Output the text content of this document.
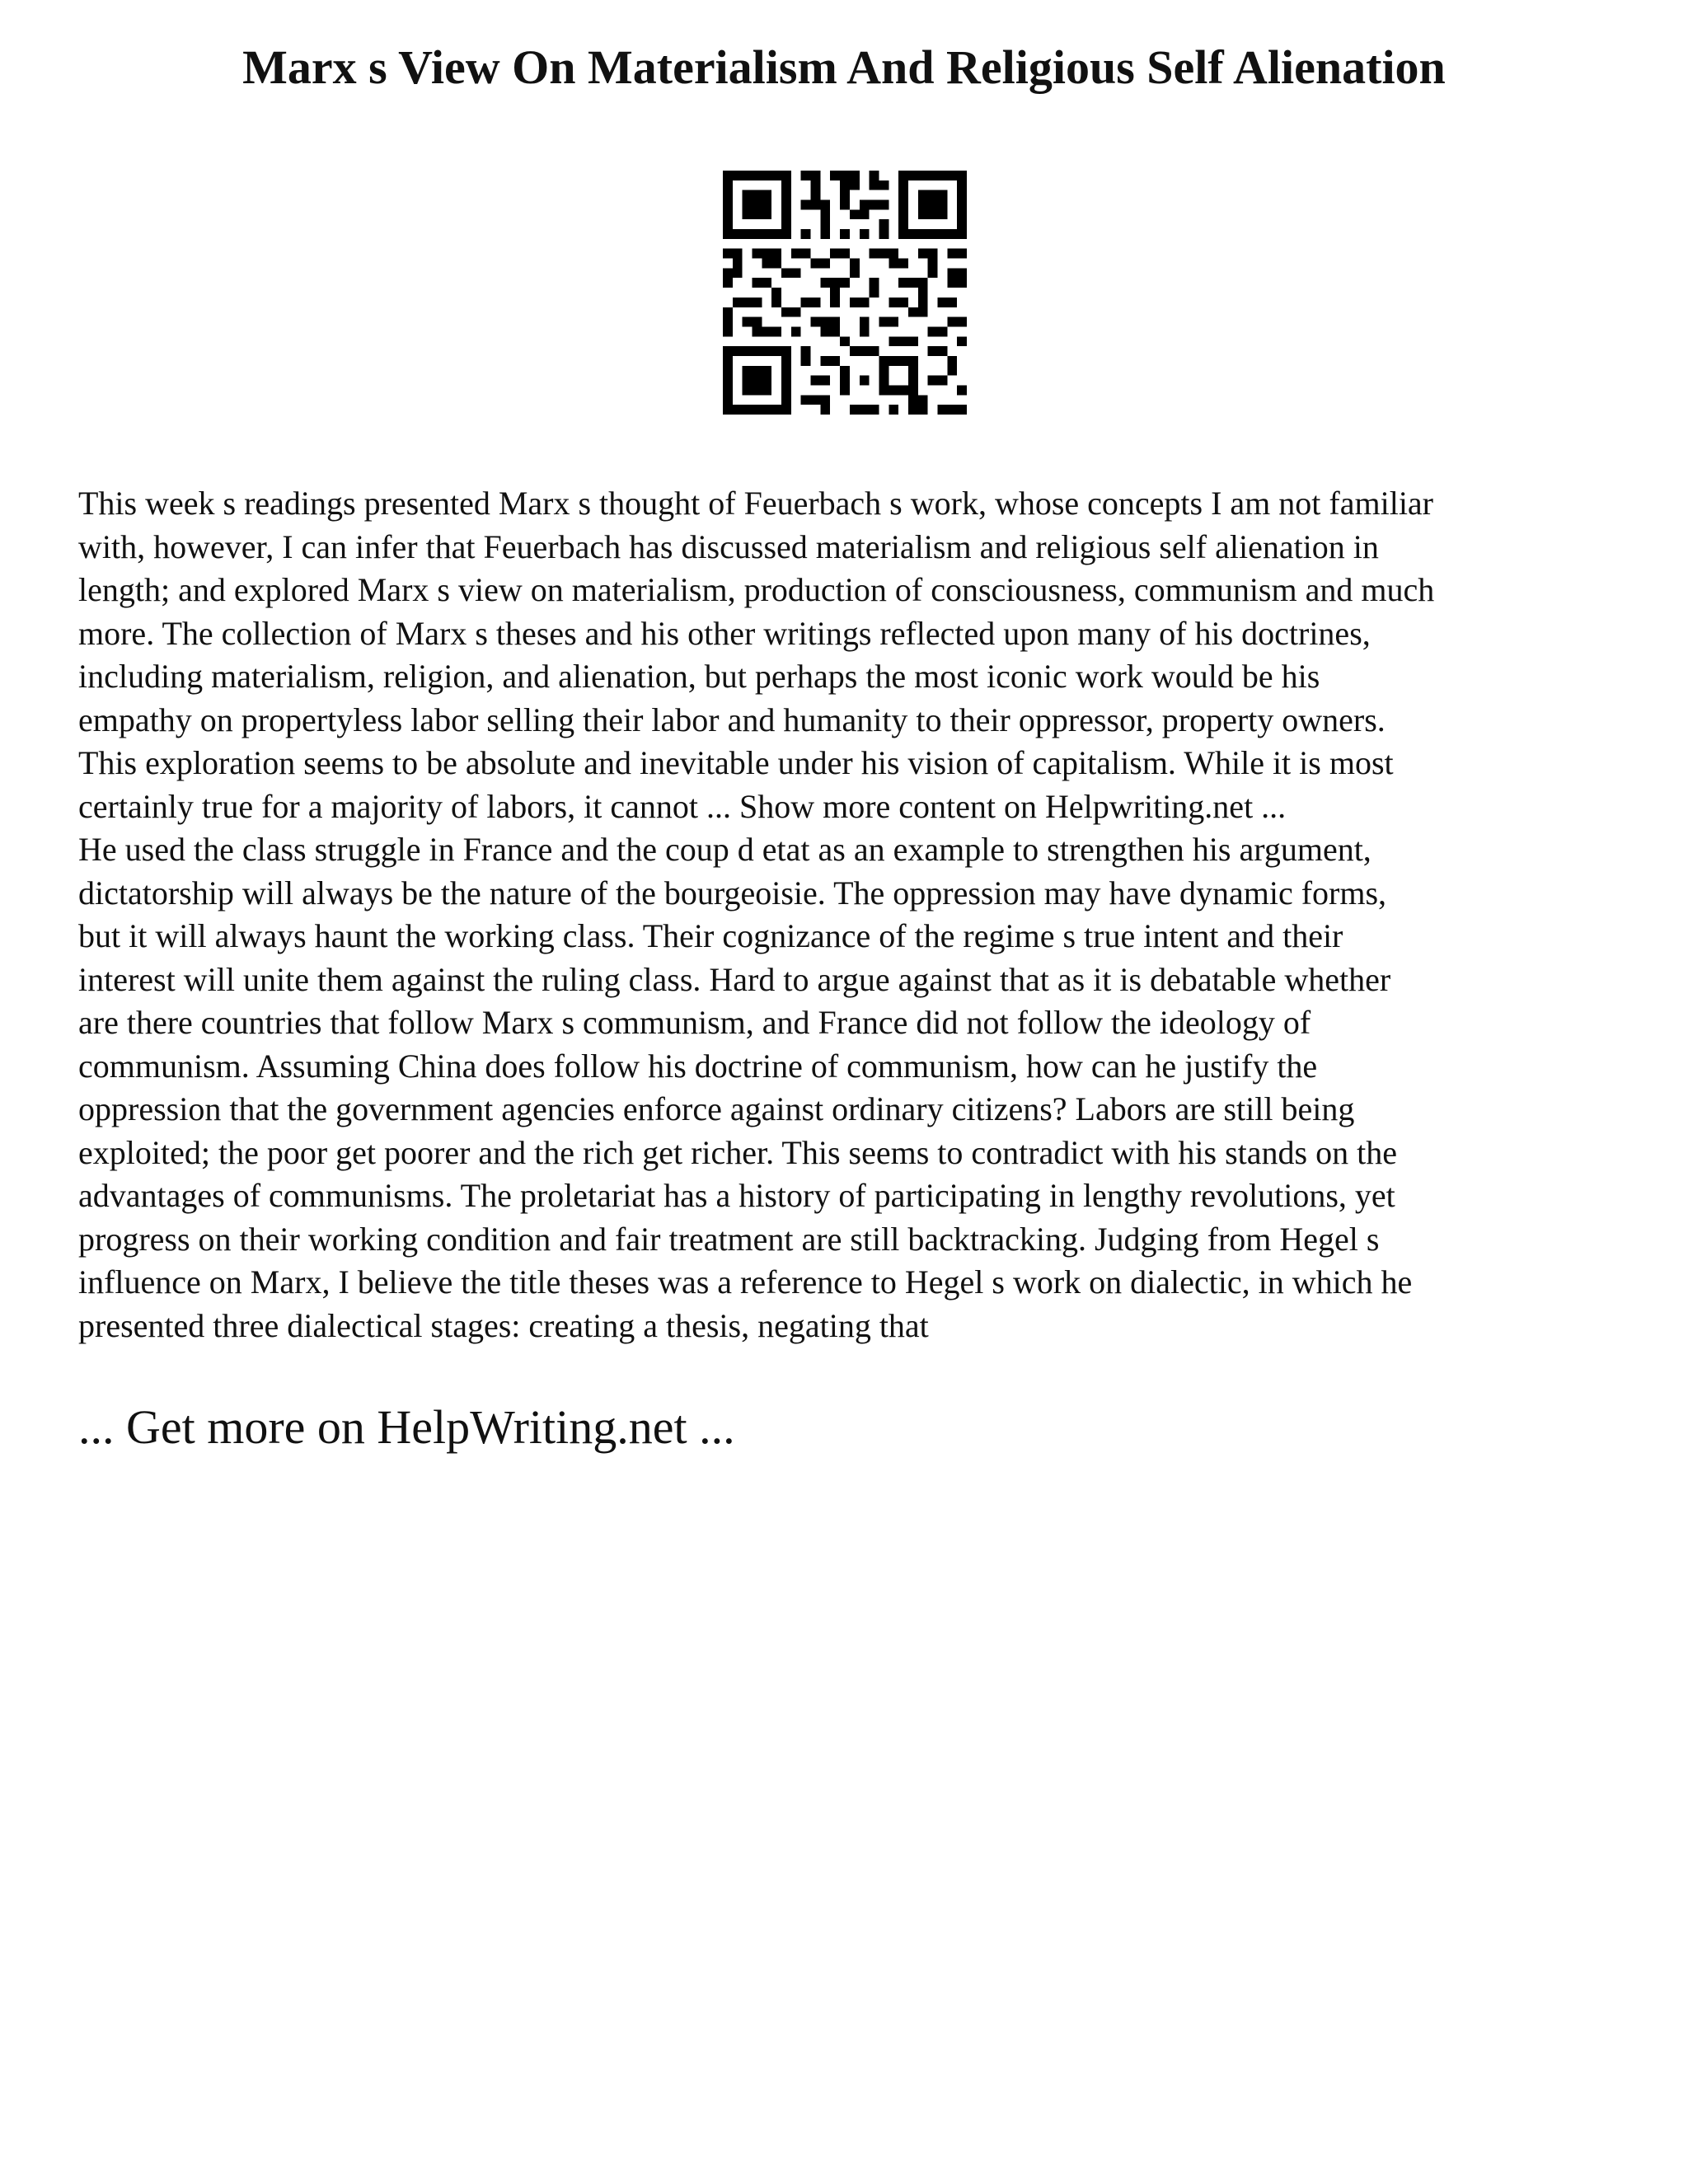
Marx s View On Materialism And Religious Self Alienation
This week s readings presented Marx s thought of Feuerbach s work, whose concepts I am not familiar
with, however, I can infer that Feuerbach has discussed materialism and religious self alienation in
length; and explored Marx s view on materialism, production of consciousness, communism and much
more. The collection of Marx s theses and his other writings reflected upon many of his doctrines,
including materialism, religion, and alienation, but perhaps the most iconic work would be his
empathy on propertyless labor selling their labor and humanity to their oppressor, property owners.
This exploration seems to be absolute and inevitable under his vision of capitalism. While it is most
certainly true for a majority of labors, it cannot ... Show more content on Helpwriting.net ...
He used the class struggle in France and the coup d etat as an example to strengthen his argument,
dictatorship will always be the nature of the bourgeoisie. The oppression may have dynamic forms,
but it will always haunt the working class. Their cognizance of the regime s true intent and their
interest will unite them against the ruling class. Hard to argue against that as it is debatable whether
are there countries that follow Marx s communism, and France did not follow the ideology of
communism. Assuming China does follow his doctrine of communism, how can he justify the
oppression that the government agencies enforce against ordinary citizens? Labors are still being
exploited; the poor get poorer and the rich get richer. This seems to contradict with his stands on the
advantages of communisms. The proletariat has a history of participating in lengthy revolutions, yet
progress on their working condition and fair treatment are still backtracking. Judging from Hegel s
influence on Marx, I believe the title theses was a reference to Hegel s work on dialectic, in which he
presented three dialectical stages: creating a thesis, negating that
... Get more on HelpWriting.net ...
